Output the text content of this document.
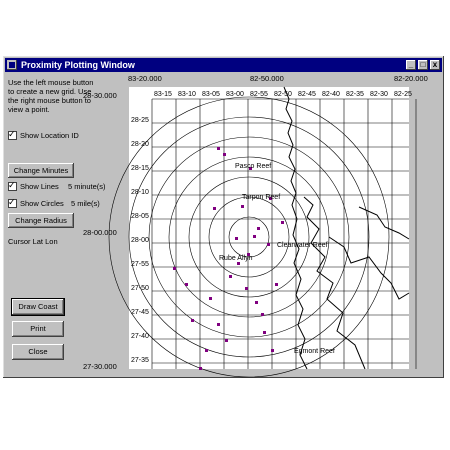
Proximity Plotting Window	_ □ x
Use the left mouse button to create a new grid. Use the right mouse button to view a point.
83-20.000	82-50.000	82-20.000
28-30.000
28-00.000
27-30.000
✓
Show Location ID
Change Minutes
✓
Show Lines 5 minute(s)
✓
Show Circles 5 mile(s)
Change Radius
Cursor Lat Lon
Draw Coast
Print
Close
83-15 83-10 83-05 83-00 82-55 82-50 82-45 82-40 82-35 82-30 82-25
28-25
28-20
28-15
28-10
28-05
28-00
27-55
27-50
27-45
27-40
27-35
Pasco Reef
Tarpon Reef
Clearwater Reef
Rube Allyn
Egmont Reef
